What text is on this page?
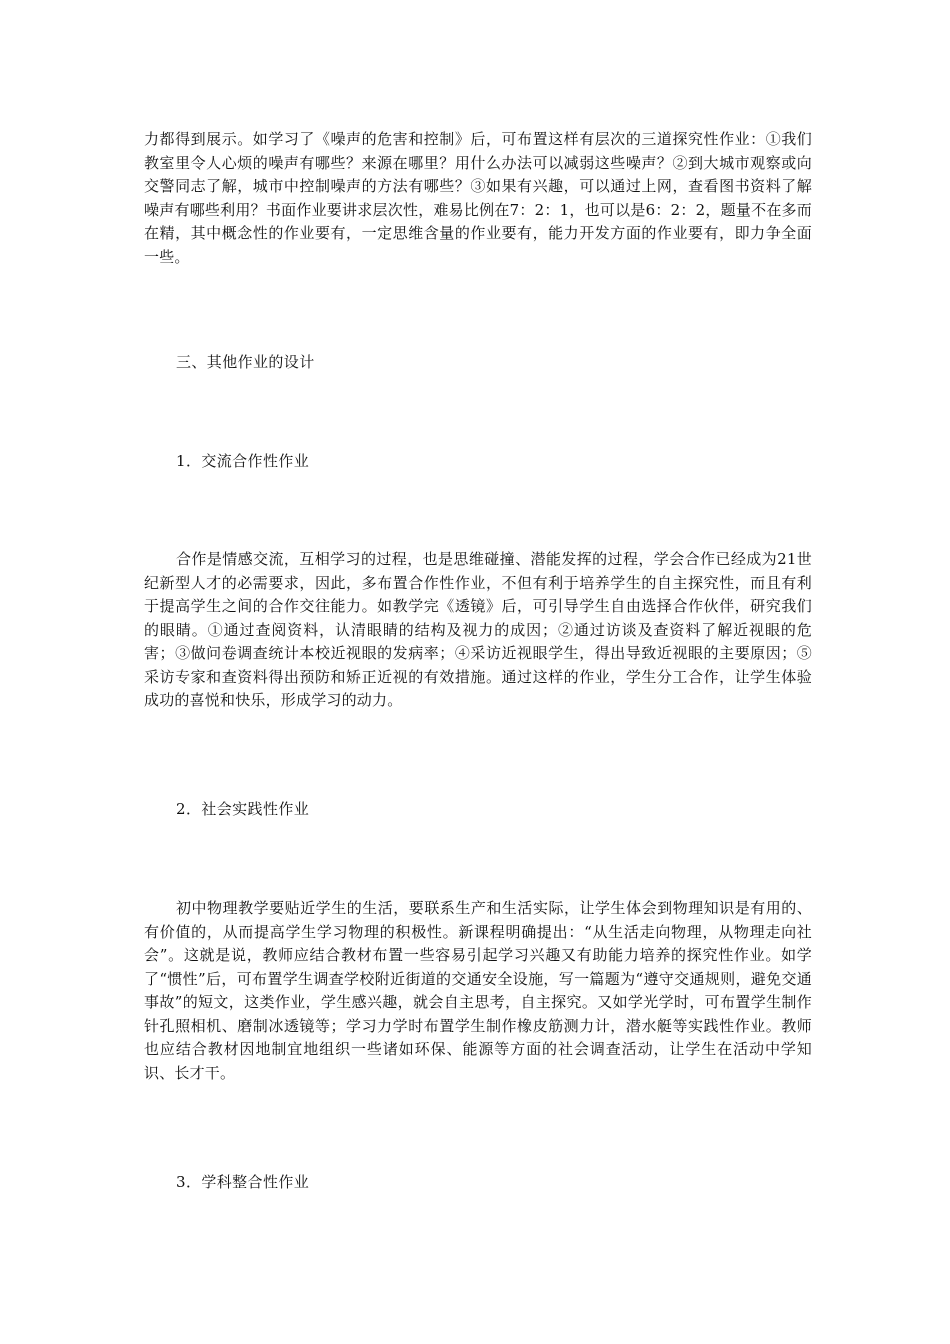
力都得到展示。如学习了《噪声的危害和控制》后，可布置这样有层次的三道探究性作业：①我们教室里令人心烦的噪声有哪些？来源在哪里？用什么办法可以减弱这些噪声？②到大城市观察或向交警同志了解，城市中控制噪声的方法有哪些？③如果有兴趣，可以通过上网，查看图书资料了解噪声有哪些利用？书面作业要讲求层次性，难易比例在7：2：1，也可以是6：2：2，题量不在多而在精，其中概念性的作业要有，一定思维含量的作业要有，能力开发方面的作业要有，即力争全面一些。

三、其他作业的设计

1．交流合作性作业

合作是情感交流，互相学习的过程，也是思维碰撞、潜能发挥的过程，学会合作已经成为21世纪新型人才的必需要求，因此，多布置合作性作业，不但有利于培养学生的自主探究性，而且有利于提高学生之间的合作交往能力。如教学完《透镜》后，可引导学生自由选择合作伙伴，研究我们的眼睛。①通过查阅资料，认清眼睛的结构及视力的成因；②通过访谈及查资料了解近视眼的危害；③做问卷调查统计本校近视眼的发病率；④采访近视眼学生，得出导致近视眼的主要原因；⑤采访专家和查资料得出预防和矫正近视的有效措施。通过这样的作业，学生分工合作，让学生体验成功的喜悦和快乐，形成学习的动力。

2．社会实践性作业

初中物理教学要贴近学生的生活，要联系生产和生活实际，让学生体会到物理知识是有用的、有价值的，从而提高学生学习物理的积极性。新课程明确提出：“从生活走向物理，从物理走向社会”。这就是说，教师应结合教材布置一些容易引起学习兴趣又有助能力培养的探究性作业。如学了“惯性”后，可布置学生调查学校附近街道的交通安全设施，写一篇题为“遵守交通规则，避免交通事故”的短文，这类作业，学生感兴趣，就会自主思考，自主探究。又如学光学时，可布置学生制作针孔照相机、磨制冰透镜等；学习力学时布置学生制作橡皮筋测力计，潜水艇等实践性作业。教师也应结合教材因地制宜地组织一些诸如环保、能源等方面的社会调查活动，让学生在活动中学知识、长才干。

3．学科整合性作业
